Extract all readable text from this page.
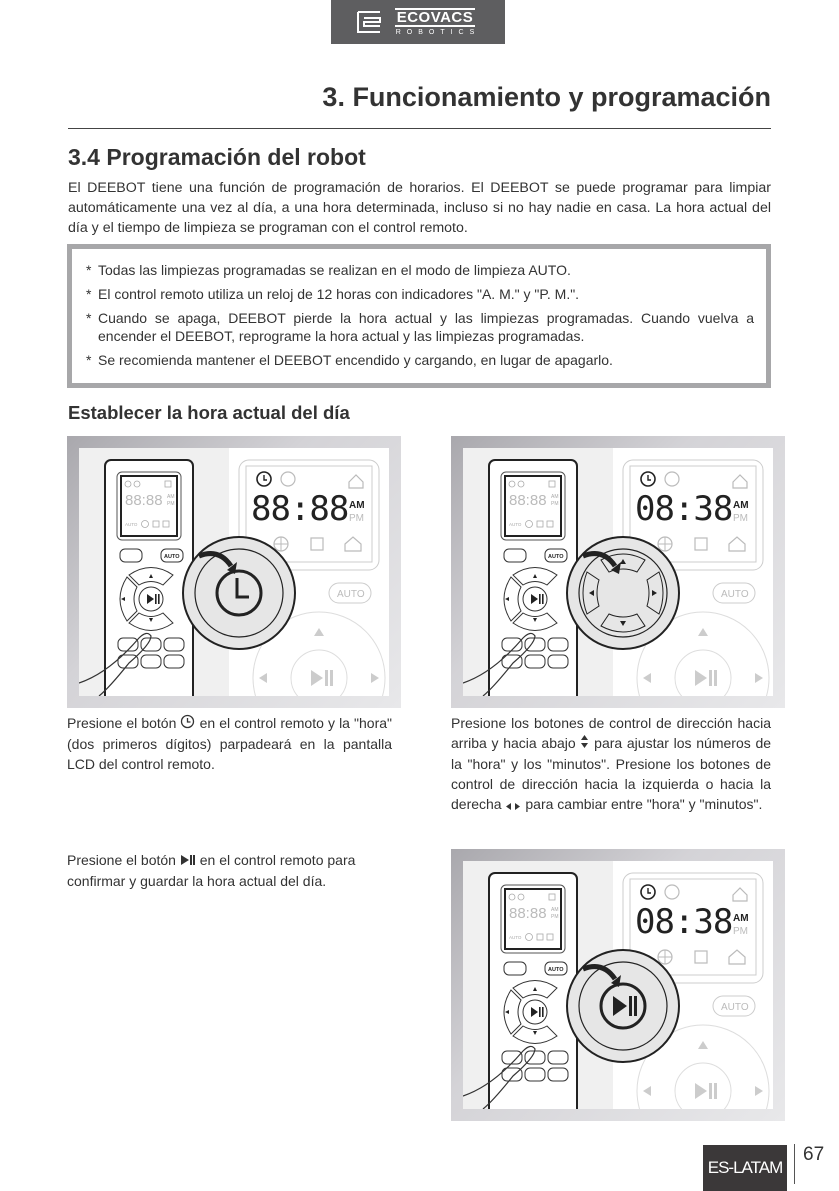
ECOVACS
ROBOTICS
3. Funcionamiento y programación
3.4 Programación del robot
El DEEBOT tiene una función de programación de horarios. El DEEBOT se puede programar para limpiar automáticamente una vez al día, a una hora determinada, incluso si no hay nadie en casa. La hora actual del día y el tiempo de limpieza se programan con el control remoto.
* Todas las limpiezas programadas se realizan en el modo de limpieza AUTO.
* El control remoto utiliza un reloj de 12 horas con indicadores "A. M." y "P. M.".
* Cuando se apaga, DEEBOT pierde la hora actual y las limpiezas programadas. Cuando vuelva a encender el DEEBOT, reprograme la hora actual y las limpiezas programadas.
* Se recomienda mantener el DEEBOT encendido y cargando, en lugar de apagarlo.
Establecer la hora actual del día
88:88 AM
PM
AUTO
AUTO
88:88 AM
PM
AUTO
88:88 AM
PM
AUTO
AUTO
08:38 AM
PM
AUTO
88:88 AM
PM
AUTO
AUTO
08:38 AM
PM
AUTO
Presione el botón en el control remoto y la "hora" (dos primeros dígitos) parpadeará en la pantalla LCD del control remoto.
Presione los botones de control de dirección hacia arriba y hacia abajo para ajustar los números de la "hora" y los "minutos". Presione los botones de control de dirección hacia la izquierda o hacia la derecha para cambiar entre "hora" y "minutos".
Presione el botón en el control remoto para confirmar y guardar la hora actual del día.
ES-LATAM
67
